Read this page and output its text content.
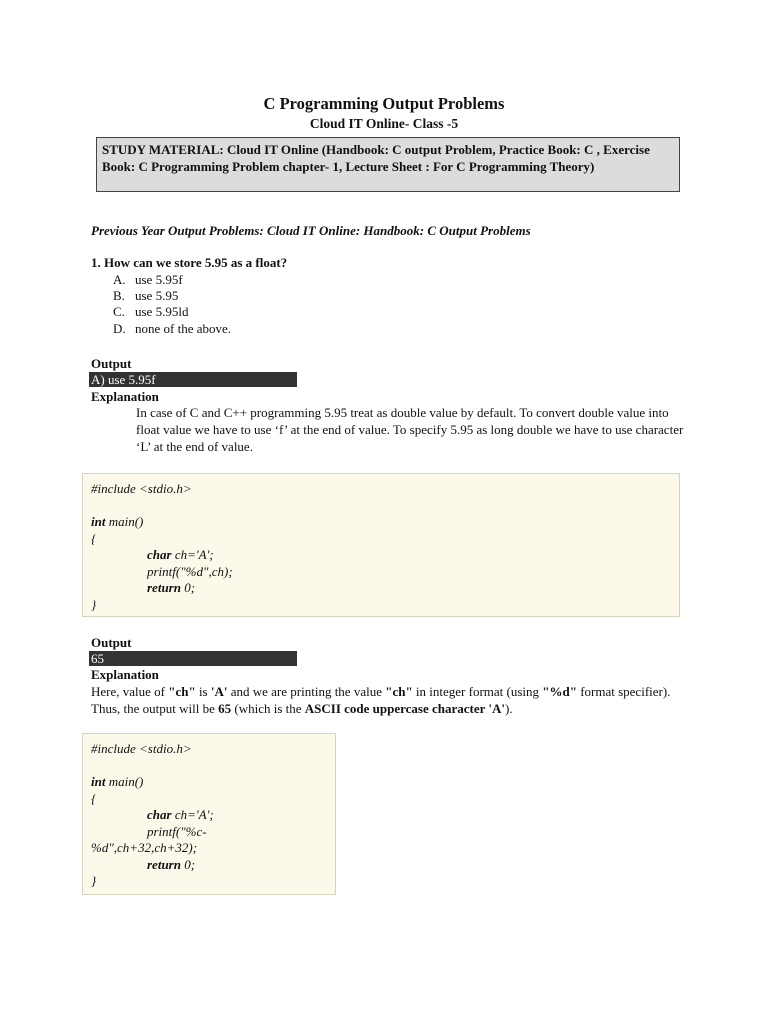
C Programming Output Problems
Cloud IT Online- Class -5
STUDY MATERIAL: Cloud IT Online (Handbook: C output Problem, Practice Book: C , Exercise Book: C Programming Problem chapter- 1, Lecture Sheet : For C Programming Theory)
Previous Year Output Problems: Cloud IT Online: Handbook: C Output Problems
1. How can we store 5.95 as a float?
A. use 5.95f
B. use 5.95
C. use 5.95ld
D. none of the above.
Output
A) use 5.95f
Explanation
In case of C and C++ programming 5.95 treat as double value by default. To convert double value into float value we have to use ‘f’ at the end of value. To specify 5.95 as long double we have to use character ‘L’ at the end of value.
#include <stdio.h>
int main()
{
char ch='A';
printf("%d",ch);
return 0;
}
Output
65
Explanation
Here, value of "ch" is 'A' and we are printing the value "ch" in integer format (using "%d" format specifier). Thus, the output will be 65 (which is the ASCII code uppercase character 'A').
#include <stdio.h>
int main()
{
char ch='A';
printf("%c-
%d",ch+32,ch+32);
return 0;
}
